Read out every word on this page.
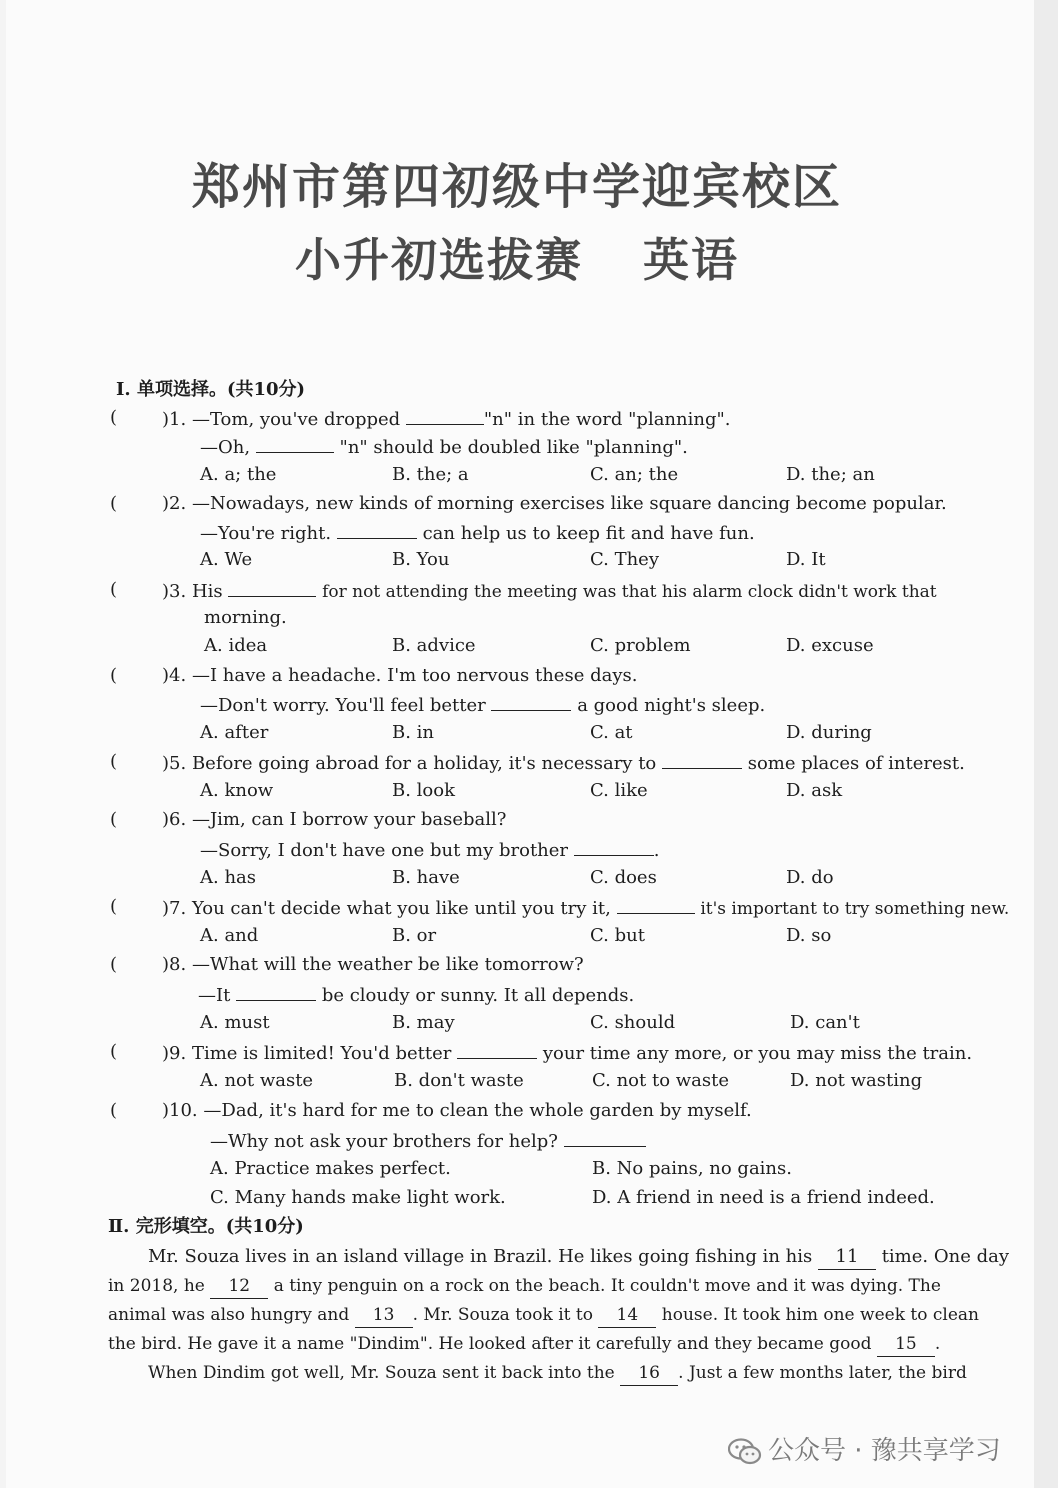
郑州市第四初级中学迎宾校区
小升初选拔赛 英语
Ⅰ. 单项选择。(共10分)
( )1. —Tom, you've dropped	"n" in the word "planning".
—Oh,	"n" should be doubled like "planning".
A. a; the	B. the; a	C. an; the	D. the; an
( )2. —Nowadays, new kinds of morning exercises like square dancing become popular.
—You're right.	can help us to keep fit and have fun.
A. We	B. You	C. They	D. It
( )3. His	for not attending the meeting was that his alarm clock didn't work that
morning.
A. idea	B. advice	C. problem	D. excuse
( )4. —I have a headache. I'm too nervous these days.
—Don't worry. You'll feel better	a good night's sleep.
A. after	B. in	C. at	D. during
( )5. Before going abroad for a holiday, it's necessary to	some places of interest.
A. know	B. look	C. like	D. ask
( )6. —Jim, can I borrow your baseball?
—Sorry, I don't have one but my brother	.
A. has	B. have	C. does	D. do
( )7. You can't decide what you like until you try it,	it's important to try something new.
A. and	B. or	C. but	D. so
( )8. —What will the weather be like tomorrow?
—It	be cloudy or sunny. It all depends.
A. must	B. may	C. should	D. can't
( )9. Time is limited! You'd better	your time any more, or you may miss the train.
A. not waste	B. don't waste	C. not to waste	D. not wasting
( )10. —Dad, it's hard for me to clean the whole garden by myself.
—Why not ask your brothers for help?
A. Practice makes perfect.	B. No pains, no gains.
C. Many hands make light work.	D. A friend in need is a friend indeed.
Ⅱ. 完形填空。(共10分)
Mr. Souza lives in an island village in Brazil. He likes going fishing in his 11 time. One day
in 2018, he 12 a tiny penguin on a rock on the beach. It couldn't move and it was dying. The
animal was also hungry and 13 . Mr. Souza took it to 14 house. It took him one week to clean
the bird. He gave it a name "Dindim". He looked after it carefully and they became good 15 .
When Dindim got well, Mr. Souza sent it back into the 16 . Just a few months later, the bird
公众号 · 豫共享学习
